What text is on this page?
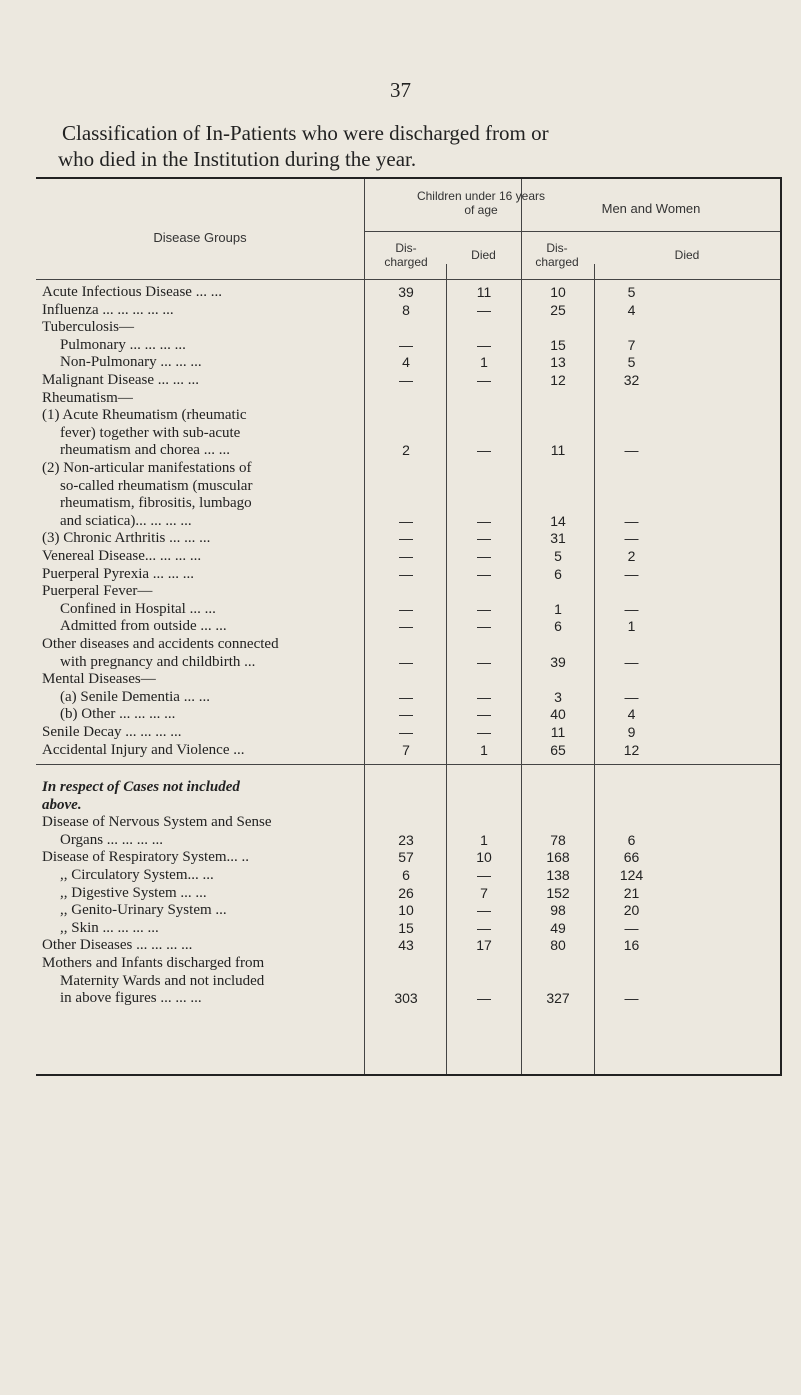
37
Classification of In-Patients who were discharged from or
who died in the Institution during the year.
Disease Groups
Children under 16 years of age	Men and Women
Dis- charged	Died	Dis- charged	Died
Acute Infectious Disease ... ...	39	11	10	5
Influenza ... ... ... ... ...	8	—	25	4
Tuberculosis—
Pulmonary ... ... ... ...	—	—	15	7
Non-Pulmonary ... ... ...	4	1	13	5
Malignant Disease ... ... ...	—	—	12	32
Rheumatism—
(1) Acute Rheumatism (rheumatic
fever) together with sub-acute
rheumatism and chorea ... ...	2	—	11	—
(2) Non-articular manifestations of
so-called rheumatism (muscular
rheumatism, fibrositis, lumbago
and sciatica)... ... ... ...	—	—	14	—
(3) Chronic Arthritis ... ... ...	—	—	31	—
Venereal Disease... ... ... ...	—	—	5	2
Puerperal Pyrexia ... ... ...	—	—	6	—
Puerperal Fever—
Confined in Hospital ... ...	—	—	1	—
Admitted from outside ... ...	—	—	6	1
Other diseases and accidents connected
with pregnancy and childbirth ...	—	—	39	—
Mental Diseases—
(a) Senile Dementia ... ...	—	—	3	—
(b) Other ... ... ... ...	—	—	40	4
Senile Decay ... ... ... ...	—	—	11	9
Accidental Injury and Violence ...	7	1	65	12
In respect of Cases not included
above.
Disease of Nervous System and Sense
Organs ... ... ... ...	23	1	78	6
Disease of Respiratory System... ..	57	10	168	66
,, Circulatory System... ...	6	—	138	124
,, Digestive System ... ...	26	7	152	21
,, Genito-Urinary System ...	10	—	98	20
,, Skin ... ... ... ...	15	—	49	—
Other Diseases ... ... ... ...	43	17	80	16
Mothers and Infants discharged from
Maternity Wards and not included
in above figures ... ... ...	303	—	327	—
